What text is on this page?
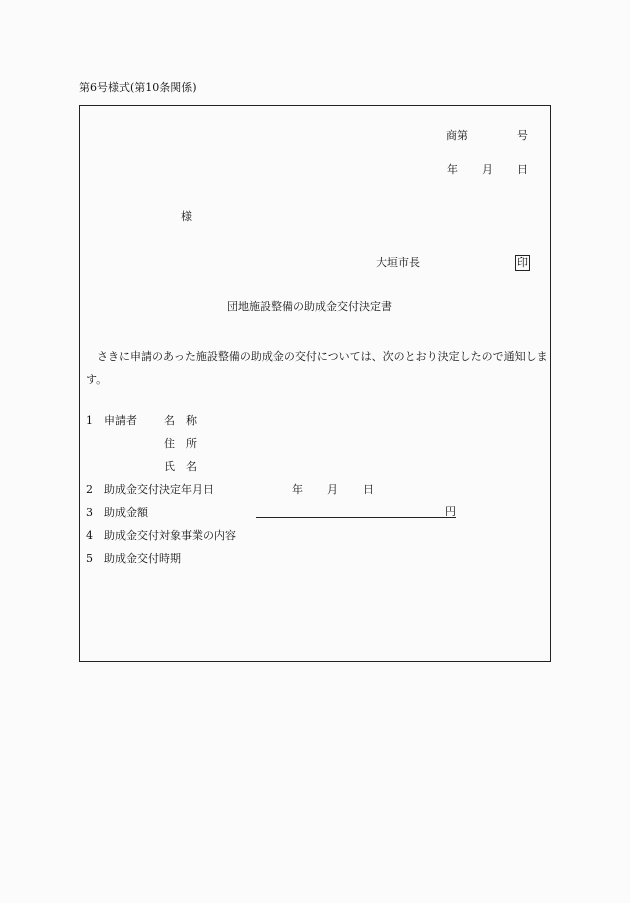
第6号様式(第10条関係)
商第	号
年 月 日
様
大垣市長	印
団地施設整備の助成金交付決定書
さきに申請のあった施設整備の助成金の交付については、次のとおり決定したので通知します。
1 申請者 名　称
住　所
氏　名
2 助成金交付決定年月日	年 月 日
3 助成金額	円
4 助成金交付対象事業の内容
5 助成金交付時期
